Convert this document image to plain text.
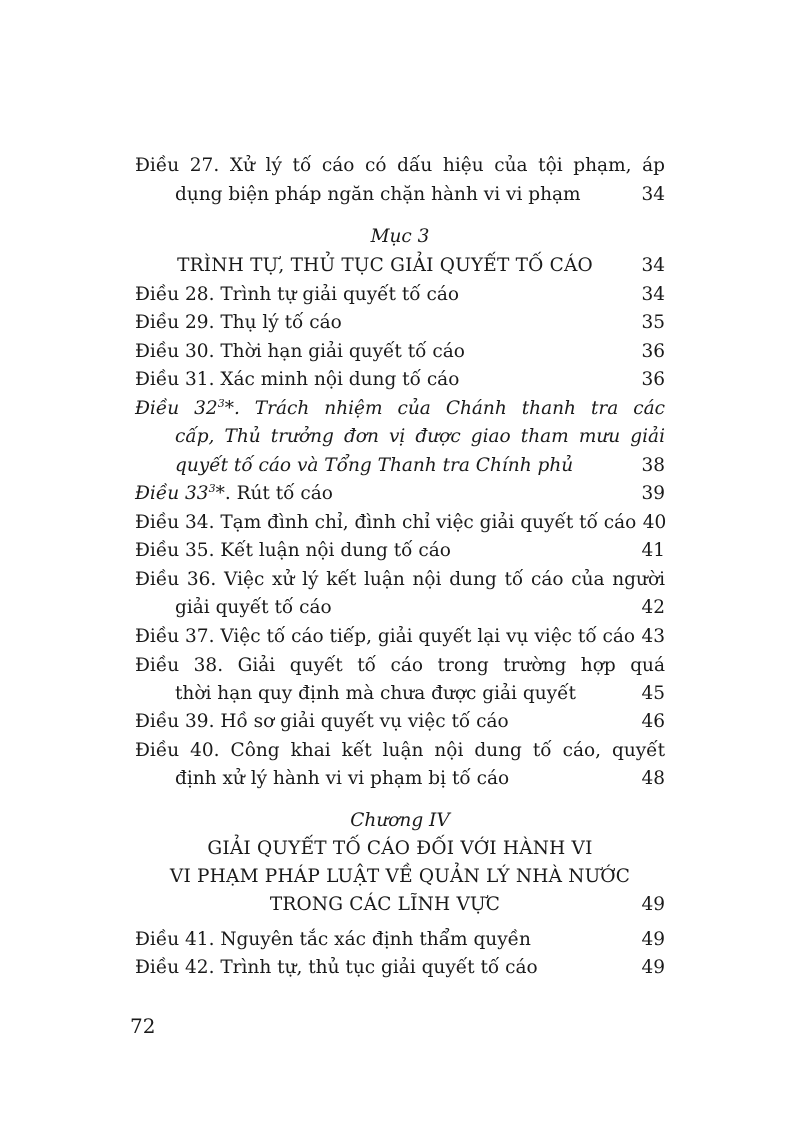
Điều 27. Xử lý tố cáo có dấu hiệu của tội phạm, áp
dụng biện pháp ngăn chặn hành vi vi phạm	34
Mục 3
TRÌNH TỰ, THỦ TỤC GIẢI QUYẾT TỐ CÁO	34
Điều 28. Trình tự giải quyết tố cáo	34
Điều 29. Thụ lý tố cáo	35
Điều 30. Thời hạn giải quyết tố cáo	36
Điều 31. Xác minh nội dung tố cáo	36
Điều $32^3*$. Trách nhiệm của Chánh thanh tra các
cấp, Thủ trưởng đơn vị được giao tham mưu giải
quyết tố cáo và Tổng Thanh tra Chính phủ	38
Điều $33^3*$. Rút tố cáo	39
Điều 34. Tạm đình chỉ, đình chỉ việc giải quyết tố cáo 40
Điều 35. Kết luận nội dung tố cáo	41
Điều 36. Việc xử lý kết luận nội dung tố cáo của người
giải quyết tố cáo	42
Điều 37. Việc tố cáo tiếp, giải quyết lại vụ việc tố cáo 43
Điều 38. Giải quyết tố cáo trong trường hợp quá
thời hạn quy định mà chưa được giải quyết	45
Điều 39. Hồ sơ giải quyết vụ việc tố cáo	46
Điều 40. Công khai kết luận nội dung tố cáo, quyết
định xử lý hành vi vi phạm bị tố cáo	48
Chương IV
GIẢI QUYẾT TỐ CÁO ĐỐI VỚI HÀNH VI
VI PHẠM PHÁP LUẬT VỀ QUẢN LÝ NHÀ NƯỚC
TRONG CÁC LĨNH VỰC	49
Điều 41. Nguyên tắc xác định thẩm quyền	49
Điều 42. Trình tự, thủ tục giải quyết tố cáo	49
72
